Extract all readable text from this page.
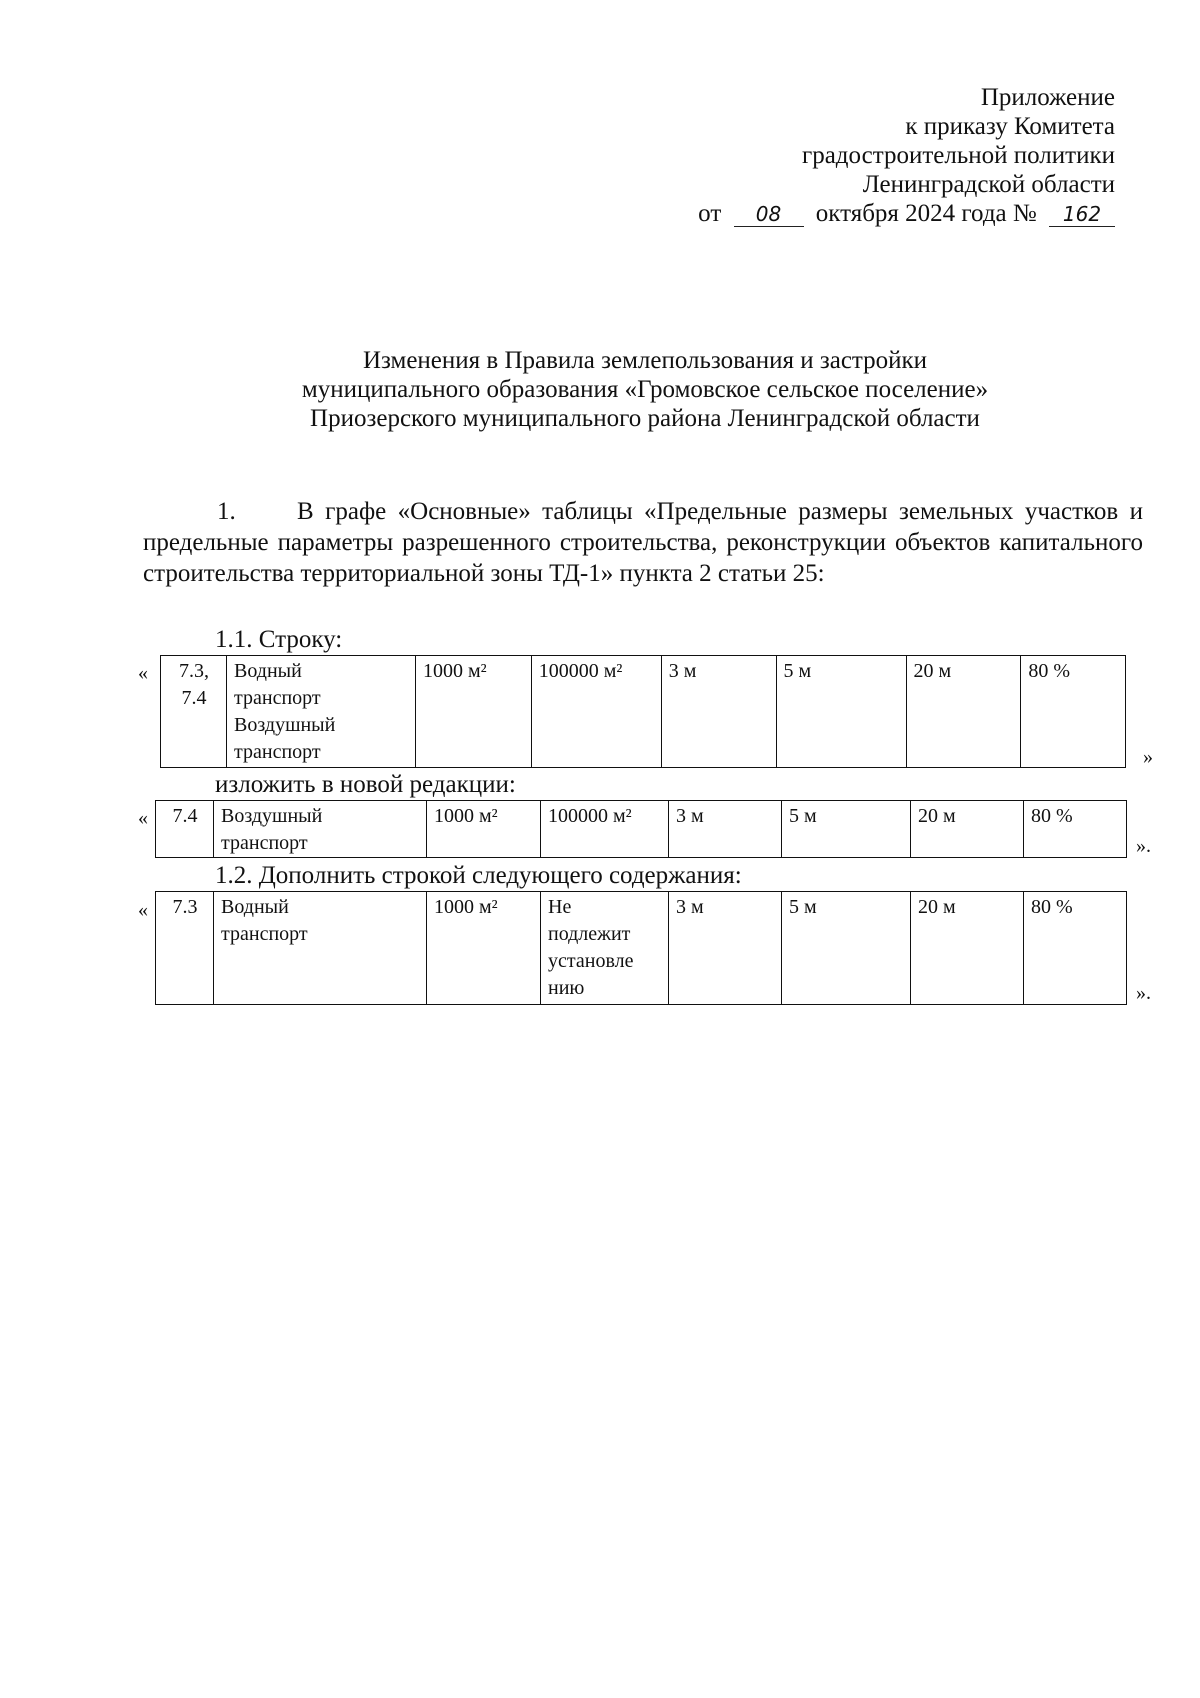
Приложение
к приказу Комитета
градостроительной политики
Ленинградской области
от 08 октября 2024 года № 162
Изменения в Правила землепользования и застройки
муниципального образования «Громовское сельское поселение»
Приозерского муниципального района Ленинградской области
1. В графе «Основные» таблицы «Предельные размеры земельных участков и предельные параметры разрешенного строительства, реконструкции объектов капитального строительства территориальной зоны ТД-1» пункта 2 статьи 25:
1.1. Строку:
« 7.3, 7.4	Водный транспорт Воздушный транспорт	1000 м²	100000 м²	3 м	5 м	20 м	80 %
»
изложить в новой редакции:
« 7.4	Воздушный транспорт	1000 м²	100000 м²	3 м	5 м	20 м	80 %
».
1.2. Дополнить строкой следующего содержания:
« 7.3	Водный транспорт	1000 м²	Не подлежит установле нию	3 м	5 м	20 м	80 %
».
